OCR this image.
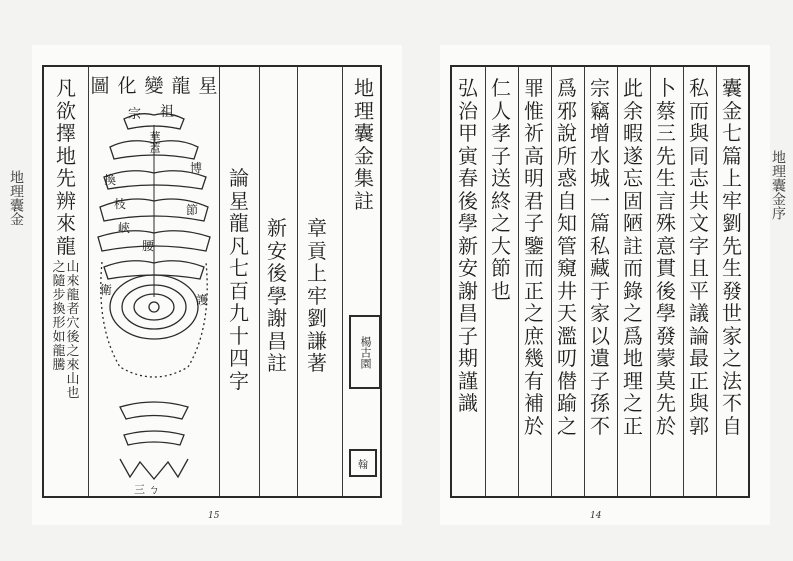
凡
欲
擇
地
先
辨
來
龍
之
隨
步
換
形
如
龍
騰
山
來
龍
者
穴
後
之
來
山
也
星
龍
變
化
圖
祖
宗
華蓋
博
換
枝	節
峽
腰
衛
護
三 ㄅ
論
星
龍
凡
七
百
九
十
四
字
新
安
後
學
謝
昌
註
章
貢
上
牢
劉
謙
著
地
理
囊
金
集
註
楊古園
翰
15
地理囊金
弘
治
甲
寅
春
後
學
新
安
謝
昌
子
期
謹
識
仁
人
孝
子
送
終
之
大
節
也
罪
惟
祈
高
明
君
子
鑒
而
正
之
庶
幾
有
補
於
爲
邪
說
所
惑
自
知
管
窺
井
天
濫
叨
僣
踰
之
宗
竊
增
水
城
一
篇
私
藏
于
家
以
遺
子
孫
不
此
余
暇
遂
忘
固
陋
註
而
錄
之
爲
地
理
之
正
卜
蔡
三
先
生
言
殊
意
貫
後
學
發
蒙
莫
先
於
私
而
與
同
志
共
文
字
且
平
議
論
最
正
與
郭
囊
金
七
篇
上
牢
劉
先
生
發
世
家
之
法
不
自
14
地理囊金序
